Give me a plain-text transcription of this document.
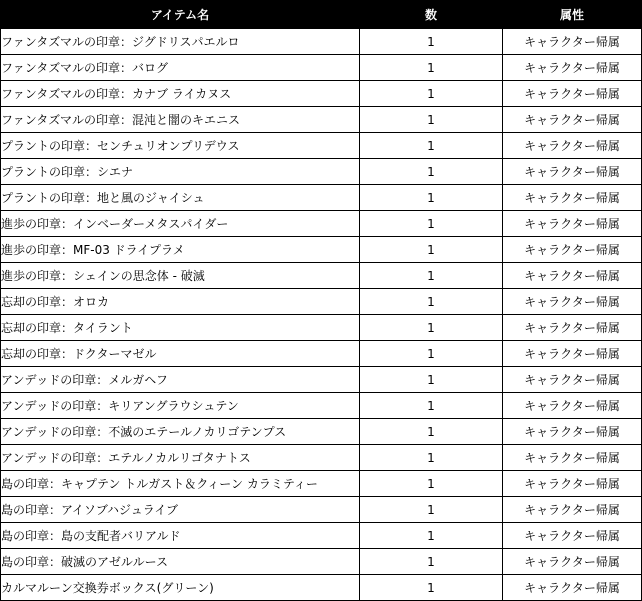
アイテム名	数	属性
ファンタズマルの印章：ジグドリスパエルロ	1	キャラクター帰属
ファンタズマルの印章：バログ	1	キャラクター帰属
ファンタズマルの印章：カナブ ライカヌス	1	キャラクター帰属
ファンタズマルの印章：混沌と闇のキエニス	1	キャラクター帰属
プラントの印章：センチュリオンプリデウス	1	キャラクター帰属
プラントの印章：シエナ	1	キャラクター帰属
プラントの印章：地と風のジャイシュ	1	キャラクター帰属
進歩の印章：インベーダーメタスパイダー	1	キャラクター帰属
進歩の印章：MF-03 ドライプラメ	1	キャラクター帰属
進歩の印章：シェインの思念体 - 破滅	1	キャラクター帰属
忘却の印章：オロカ	1	キャラクター帰属
忘却の印章：タイラント	1	キャラクター帰属
忘却の印章：ドクターマゼル	1	キャラクター帰属
アンデッドの印章：メルガヘフ	1	キャラクター帰属
アンデッドの印章：キリアングラウシュテン	1	キャラクター帰属
アンデッドの印章：不滅のエテールノカリゴテンプス	1	キャラクター帰属
アンデッドの印章：エテルノカルリゴタナトス	1	キャラクター帰属
島の印章：キャプテン トルガスト＆クィーン カラミティー	1	キャラクター帰属
島の印章：アイソブハジュライブ	1	キャラクター帰属
島の印章：島の支配者バリアルド	1	キャラクター帰属
島の印章：破滅のアゼルルース	1	キャラクター帰属
カルマルーン交換券ボックス(グリーン)	1	キャラクター帰属
